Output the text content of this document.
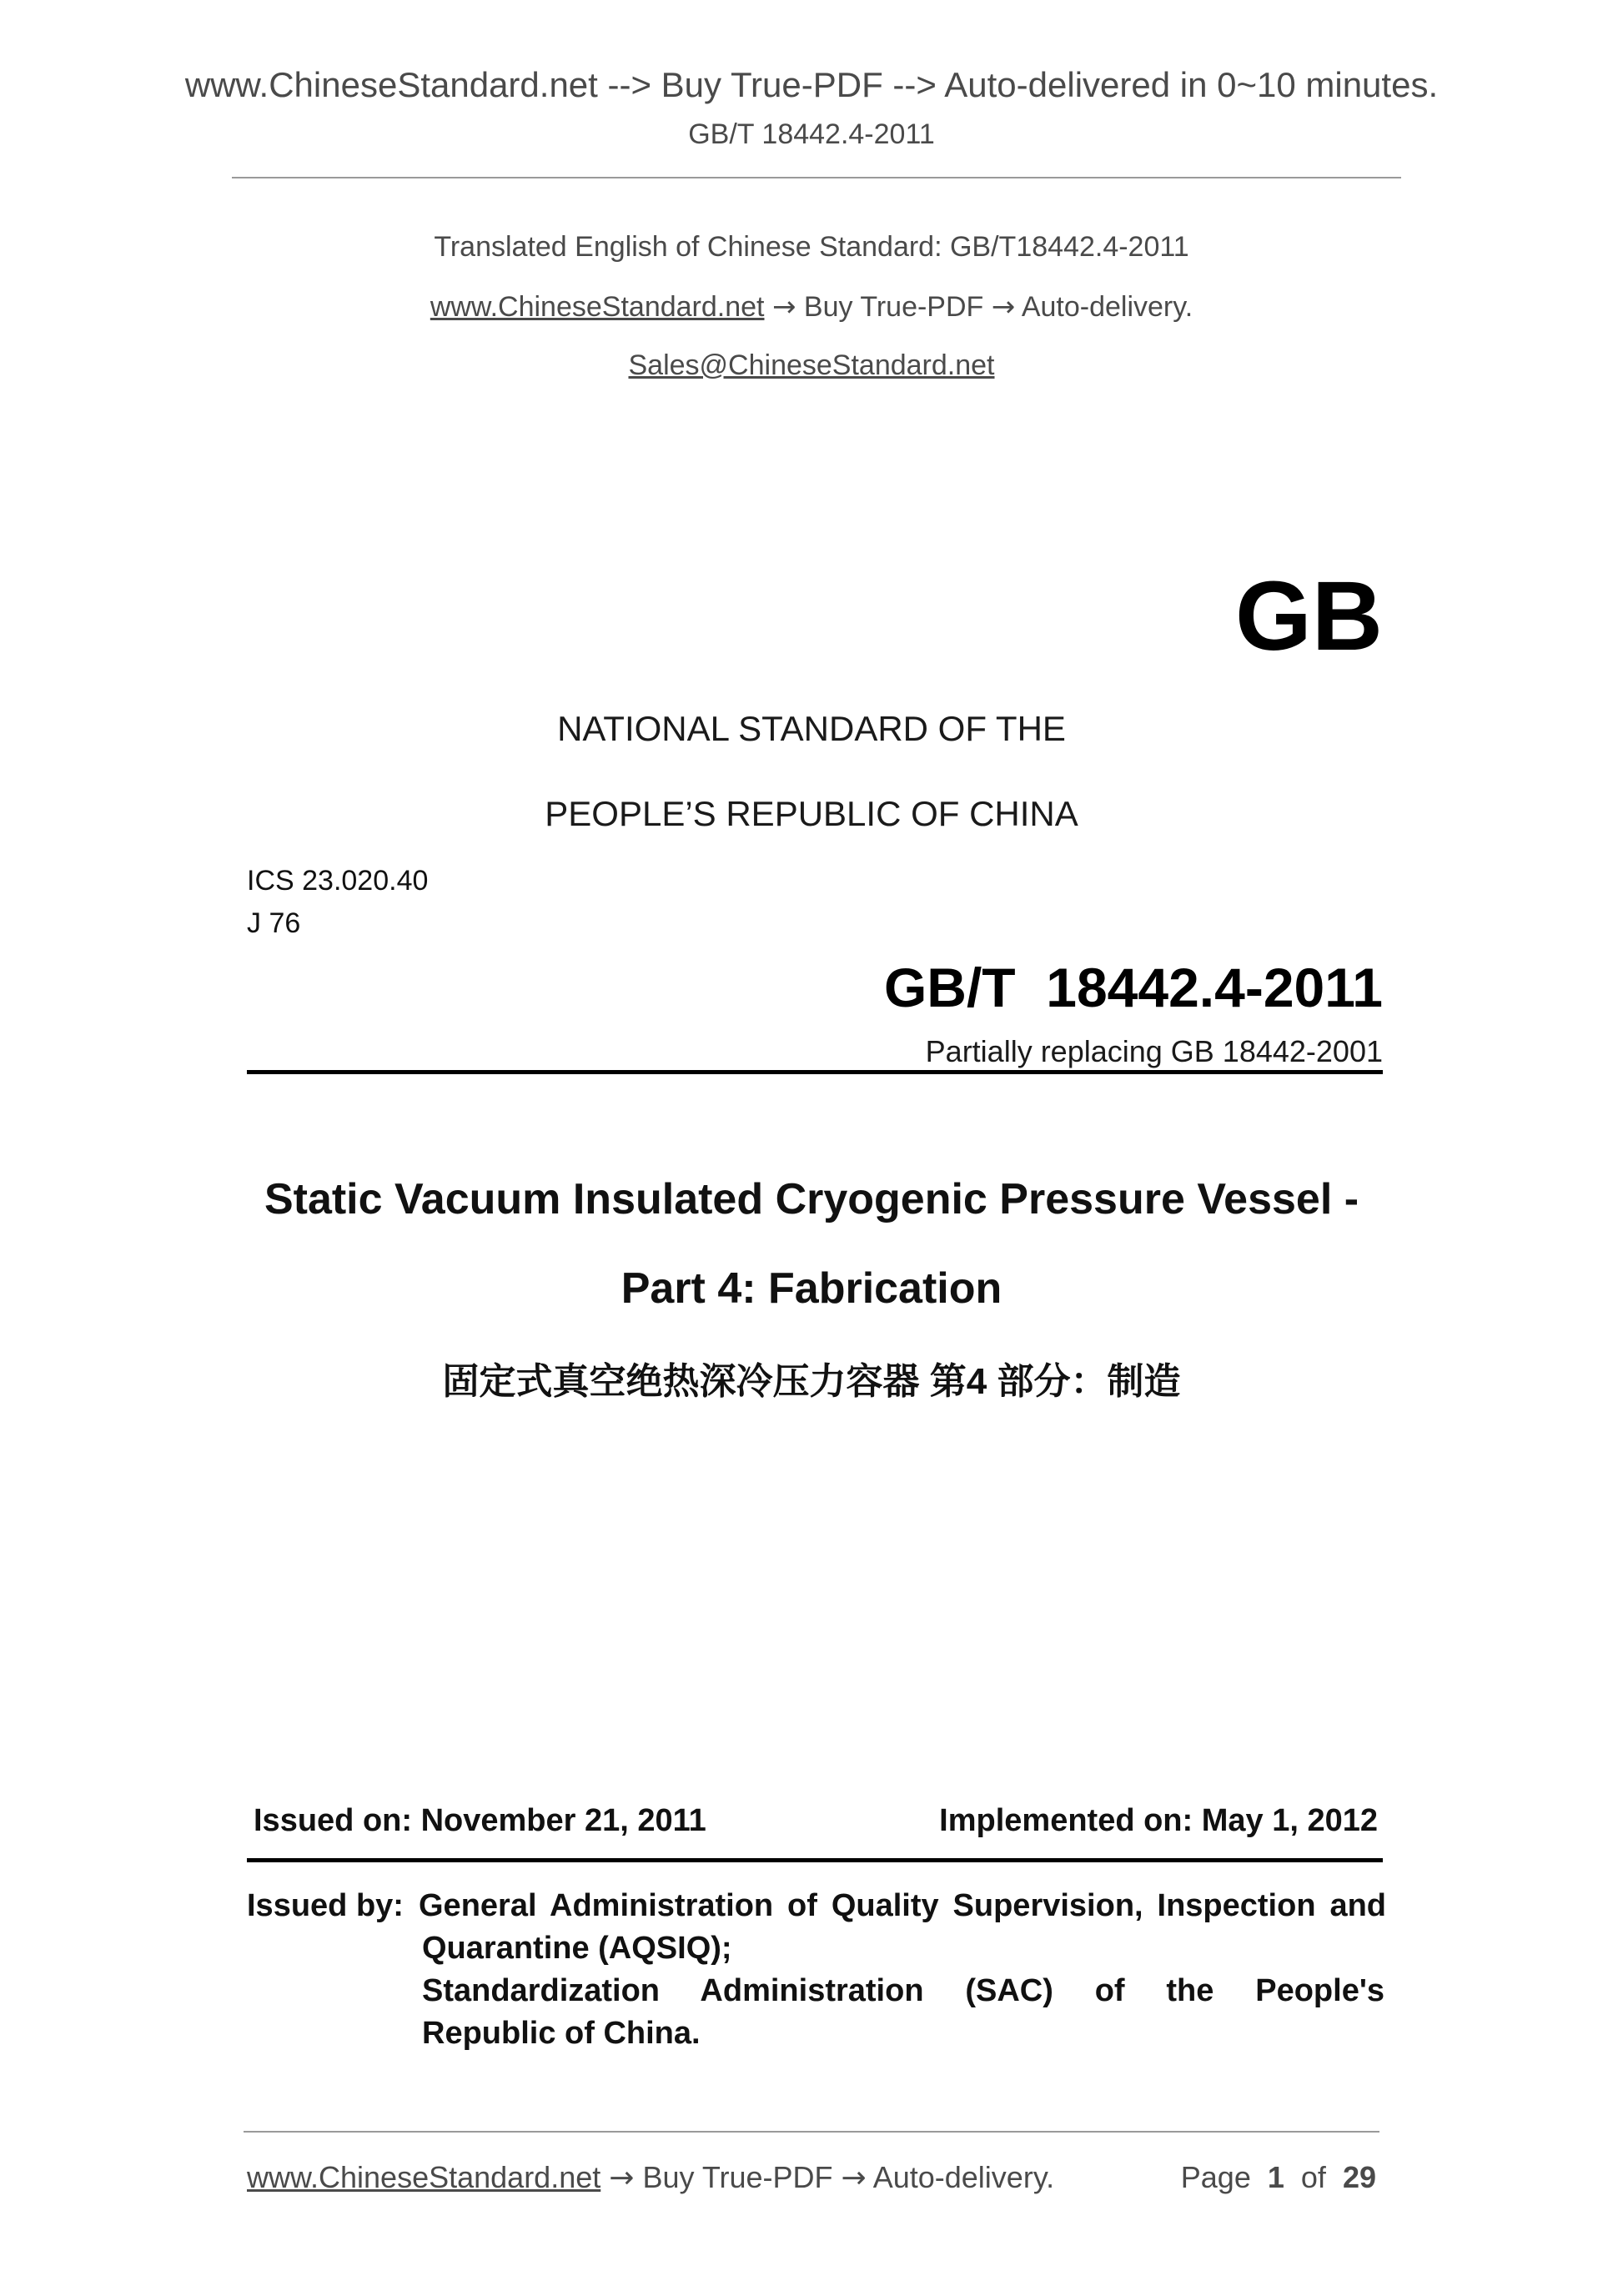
www.ChineseStandard.net --> Buy True-PDF --> Auto-delivered in 0~10 minutes.
GB/T 18442.4-2011
Translated English of Chinese Standard: GB/T18442.4-2011
www.ChineseStandard.net → Buy True-PDF → Auto-delivery.
Sales@ChineseStandard.net
GB
NATIONAL STANDARD OF THE
PEOPLE’S REPUBLIC OF CHINA
ICS 23.020.40
J 76
GB/T  18442.4-2011
Partially replacing GB 18442-2001
Static Vacuum Insulated Cryogenic Pressure Vessel -
Part 4: Fabrication
固定式真空绝热深冷压力容器 第4 部分：制造
Issued on: November 21, 2011	Implemented on: May 1, 2012
Issued by: General Administration of Quality Supervision, Inspection and
Quarantine (AQSIQ);
Standardization   Administration   (SAC)   of   the   People's
Republic of China.
www.ChineseStandard.net → Buy True-PDF → Auto-delivery.	Page 1 of 29
